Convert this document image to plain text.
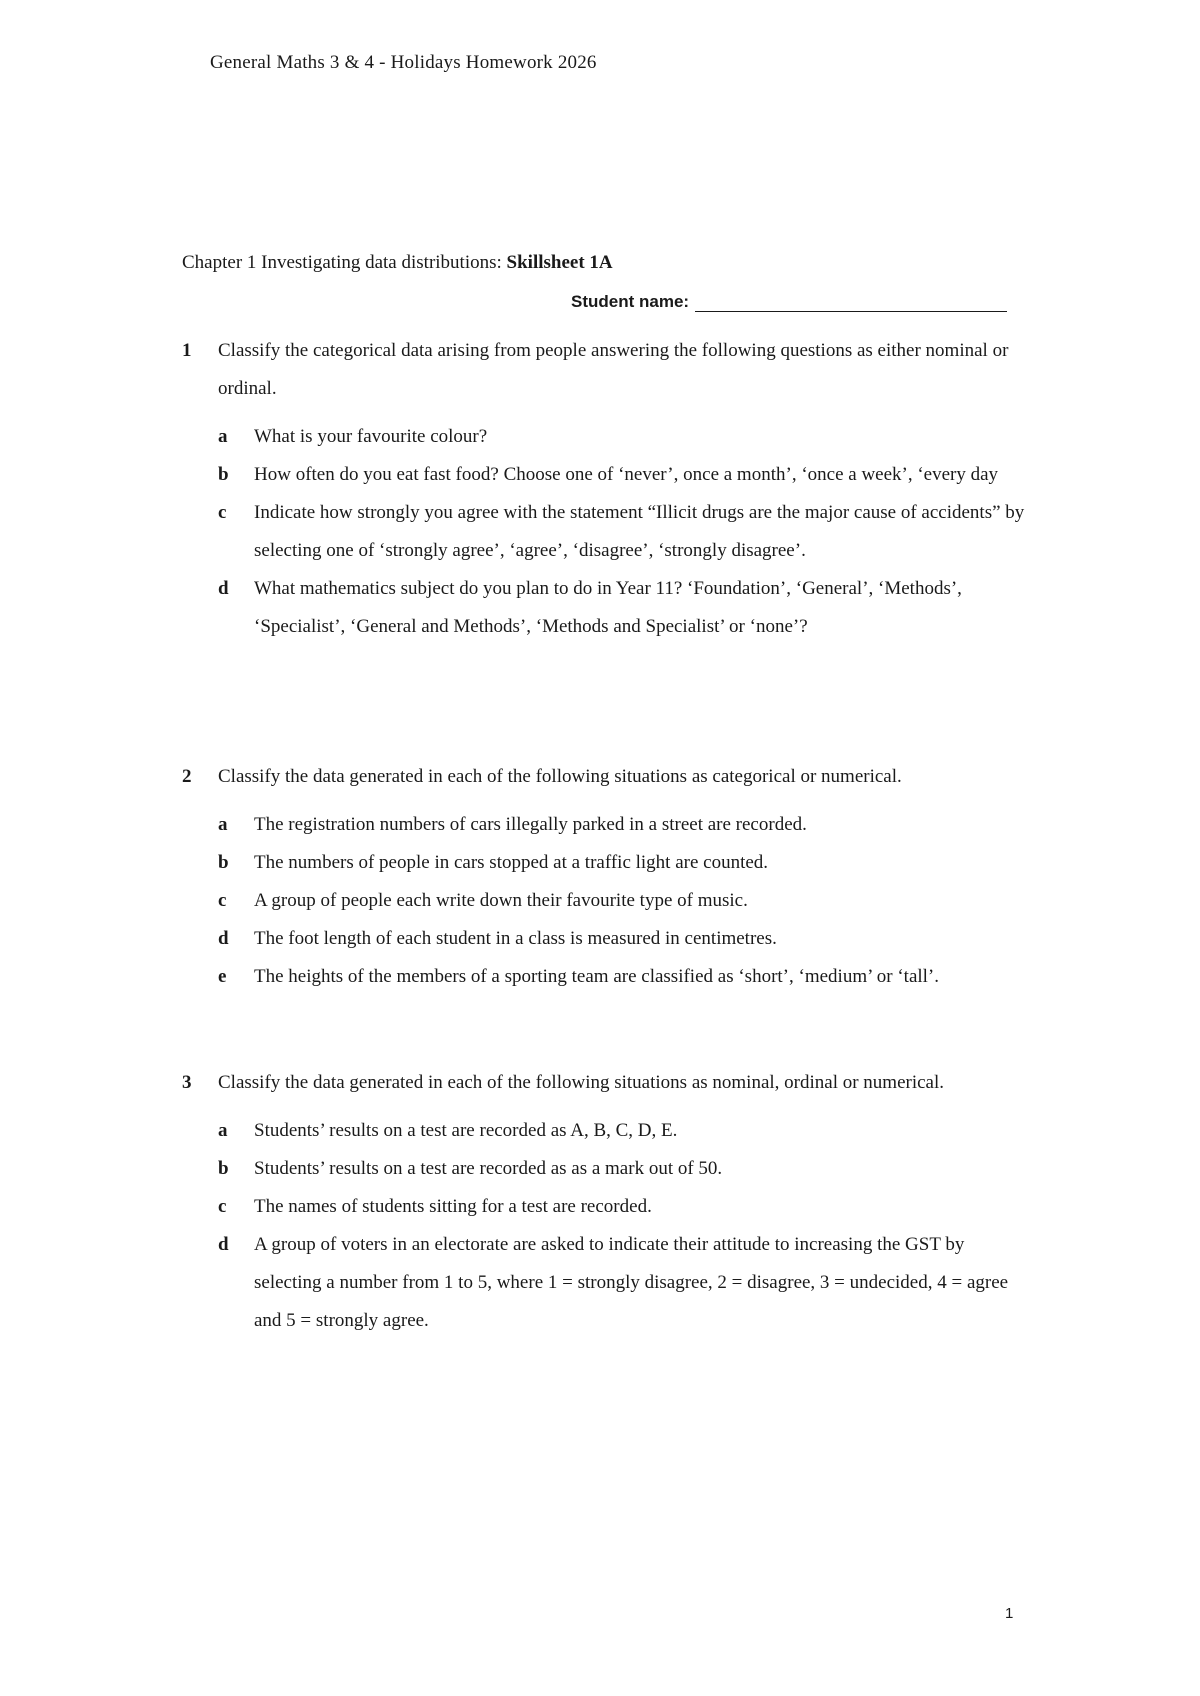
General Maths 3 & 4 - Holidays Homework 2026
Chapter 1 Investigating data distributions: Skillsheet 1A
Student name:
1	Classify the categorical data arising from people answering the following questions as either nominal or ordinal.
a	What is your favourite colour?
b	How often do you eat fast food? Choose one of ‘never’, once a month’, ‘once a week’, ‘every day
c	Indicate how strongly you agree with the statement “Illicit drugs are the major cause of accidents” by selecting one of ‘strongly agree’, ‘agree’, ‘disagree’, ‘strongly disagree’.
d	What mathematics subject do you plan to do in Year 11? ‘Foundation’, ‘General’, ‘Methods’, ‘Specialist’, ‘General and Methods’, ‘Methods and Specialist’ or ‘none’?
2	Classify the data generated in each of the following situations as categorical or numerical.
a	The registration numbers of cars illegally parked in a street are recorded.
b	The numbers of people in cars stopped at a traffic light are counted.
c	A group of people each write down their favourite type of music.
d	The foot length of each student in a class is measured in centimetres.
e	The heights of the members of a sporting team are classified as ‘short’, ‘medium’ or ‘tall’.
3	Classify the data generated in each of the following situations as nominal, ordinal or numerical.
a	Students’ results on a test are recorded as A, B, C, D, E.
b	Students’ results on a test are recorded as as a mark out of 50.
c	The names of students sitting for a test are recorded.
d	A group of voters in an electorate are asked to indicate their attitude to increasing the GST by selecting a number from 1 to 5, where 1 = strongly disagree, 2 = disagree, 3 = undecided, 4 = agree and 5 = strongly agree.
1
